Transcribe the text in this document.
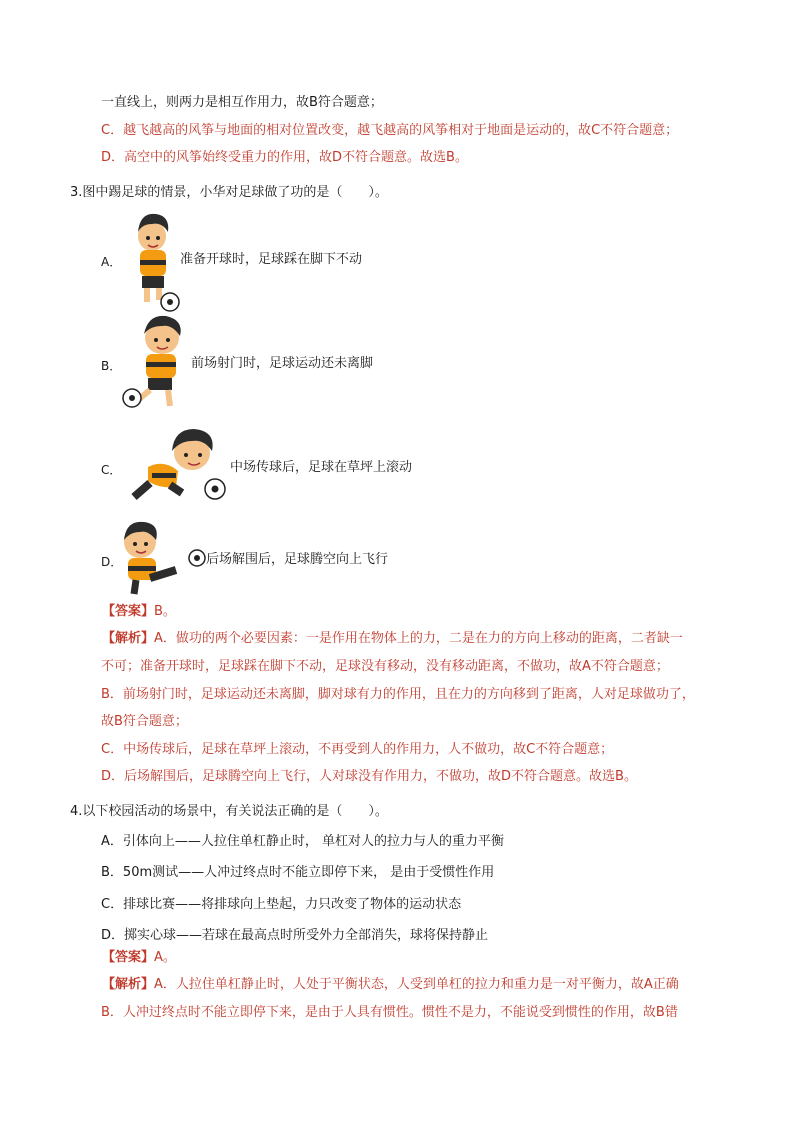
一直线上，则两力是相互作用力，故B符合题意；
C．越飞越高的风筝与地面的相对位置改变，越飞越高的风筝相对于地面是运动的，故C不符合题意；
D．高空中的风筝始终受重力的作用，故D不符合题意。故选B。
3.图中踢足球的情景，小华对足球做了功的是（　　）。
A．	准备开球时，足球踩在脚下不动
B．	前场射门时，足球运动还未离脚
C．	中场传球后，足球在草坪上滚动
D．	后场解围后，足球腾空向上飞行
【答案】B。
【解析】A．做功的两个必要因素：一是作用在物体上的力，二是在力的方向上移动的距离，二者缺一
不可；准备开球时，足球踩在脚下不动，足球没有移动，没有移动距离，不做功，故A不符合题意；
B．前场射门时，足球运动还未离脚，脚对球有力的作用，且在力的方向移到了距离，人对足球做功了，
故B符合题意；
C．中场传球后，足球在草坪上滚动，不再受到人的作用力，人不做功，故C不符合题意；
D．后场解围后，足球腾空向上飞行，人对球没有作用力，不做功，故D不符合题意。故选B。
4.以下校园活动的场景中，有关说法正确的是（　　）。
A．引体向上——人拉住单杠静止时， 单杠对人的拉力与人的重力平衡
B．50m测试——人冲过终点时不能立即停下来， 是由于受惯性作用
C．排球比赛——将排球向上垫起，力只改变了物体的运动状态
D．掷实心球——若球在最高点时所受外力全部消失，球将保持静止
【答案】A。
【解析】A．人拉住单杠静止时，人处于平衡状态，人受到单杠的拉力和重力是一对平衡力，故A正确
B．人冲过终点时不能立即停下来，是由于人具有惯性。惯性不是力，不能说受到惯性的作用，故B错
